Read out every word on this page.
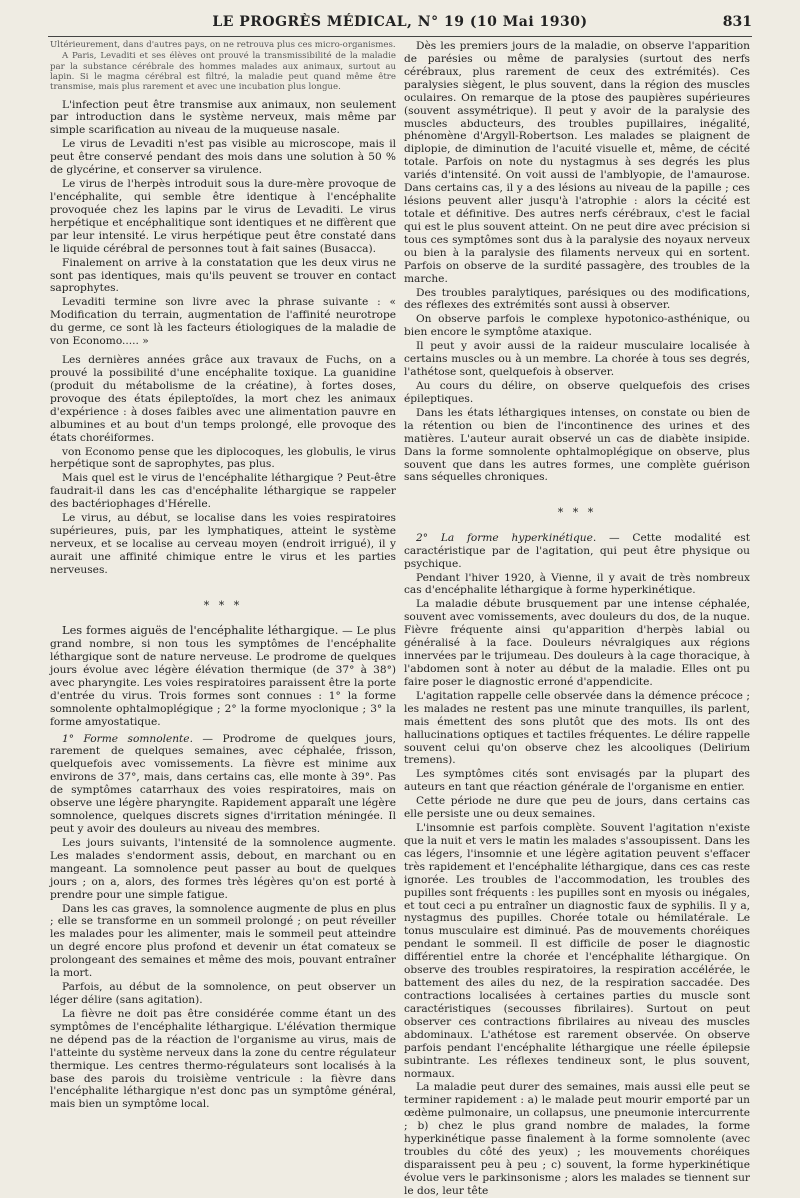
LE PROGRÈS MÉDICAL, N° 19 (10 Mai 1930)	831

Ultérieurement, dans d'autres pays, on ne retrouva plus ces micro-organismes.

A Paris, Levaditi et ses élèves ont prouvé la transmissibilité de la maladie par la substance cérébrale des hommes malades aux animaux, surtout au lapin. Si le magma cérébral est filtré, la maladie peut quand même être transmise, mais plus rarement et avec une incubation plus longue.

L'infection peut être transmise aux animaux, non seulement par introduction dans le système nerveux, mais même par simple scarification au niveau de la muqueuse nasale.

Le virus de Levaditi n'est pas visible au microscope, mais il peut être conservé pendant des mois dans une solution à 50 % de glycérine, et conserver sa virulence.

Le virus de l'herpès introduit sous la dure-mère provoque de l'encéphalite, qui semble être identique à l'encéphalite provoquée chez les lapins par le virus de Levaditi. Le virus herpétique et encéphalitique sont identiques et ne diffèrent que par leur intensité. Le virus herpétique peut être constaté dans le liquide cérébral de personnes tout à fait saines (Busacca).

Finalement on arrive à la constatation que les deux virus ne sont pas identiques, mais qu'ils peuvent se trouver en contact saprophytes.

Levaditi termine son livre avec la phrase suivante : « Modification du terrain, augmentation de l'affinité neurotrope du germe, ce sont là les facteurs étiologiques de la maladie de von Economo..... »

Les dernières années grâce aux travaux de Fuchs, on a prouvé la possibilité d'une encéphalite toxique. La guanidine (produit du métabolisme de la créatine), à fortes doses, provoque des états épileptoïdes, la mort chez les animaux d'expérience : à doses faibles avec une alimentation pauvre en albumines et au bout d'un temps prolongé, elle provoque des états choréiformes.

von Economo pense que les diplocoques, les globulis, le virus herpétique sont de saprophytes, pas plus.

Mais quel est le virus de l'encéphalite léthargique ? Peut-être faudrait-il dans les cas d'encéphalite léthargique se rappeler des bactériophages d'Hérelle.

Le virus, au début, se localise dans les voies respiratoires supérieures, puis, par les lymphatiques, atteint le système nerveux, et se localise au cerveau moyen (endroit irrigué), il y aurait une affinité chimique entre le virus et les parties nerveuses.

* * *

Les formes aiguës de l'encéphalite léthargique. — Le plus grand nombre, si non tous les symptômes de l'encéphalite léthargique sont de nature nerveuse. Le prodrome de quelques jours évolue avec légère élévation thermique (de 37° à 38°) avec pharyngite. Les voies respiratoires paraissent être la porte d'entrée du virus. Trois formes sont connues : 1° la forme somnolente ophtalmoplégique ; 2° la forme myoclonique ; 3° la forme amyostatique.

1° Forme somnolente. — Prodrome de quelques jours, rarement de quelques semaines, avec céphalée, frisson, quelquefois avec vomissements. La fièvre est minime aux environs de 37°, mais, dans certains cas, elle monte à 39°. Pas de symptômes catarrhaux des voies respiratoires, mais on observe une légère pharyngite. Rapidement apparaît une légère somnolence, quelques discrets signes d'irritation méningée. Il peut y avoir des douleurs au niveau des membres.

Les jours suivants, l'intensité de la somnolence augmente. Les malades s'endorment assis, debout, en marchant ou en mangeant. La somnolence peut passer au bout de quelques jours ; on a, alors, des formes très légères qu'on est porté à prendre pour une simple fatigue.

Dans les cas graves, la somnolence augmente de plus en plus ; elle se transforme en un sommeil prolongé ; on peut réveiller les malades pour les alimenter, mais le sommeil peut atteindre un degré encore plus profond et devenir un état comateux se prolongeant des semaines et même des mois, pouvant entraîner la mort.

Parfois, au début de la somnolence, on peut observer un léger délire (sans agitation).

La fièvre ne doit pas être considérée comme étant un des symptômes de l'encéphalite léthargique. L'élévation thermique ne dépend pas de la réaction de l'organisme au virus, mais de l'atteinte du système nerveux dans la zone du centre régulateur thermique. Les centres thermo-régulateurs sont localisés à la base des parois du troisième ventricule : la fièvre dans l'encéphalite léthargique n'est donc pas un symptôme général, mais bien un symptôme local.

Dès les premiers jours de la maladie, on observe l'apparition de parésies ou même de paralysies (surtout des nerfs cérébraux, plus rarement de ceux des extrémités). Ces paralysies siègent, le plus souvent, dans la région des muscles oculaires. On remarque de la ptose des paupières supérieures (souvent assymétrique). Il peut y avoir de la paralysie des muscles abducteurs, des troubles pupillaires, inégalité, phénomène d'Argyll-Robertson. Les malades se plaignent de diplopie, de diminution de l'acuité visuelle et, même, de cécité totale. Parfois on note du nystagmus à ses degrés les plus variés d'intensité. On voit aussi de l'amblyopie, de l'amaurose. Dans certains cas, il y a des lésions au niveau de la papille ; ces lésions peuvent aller jusqu'à l'atrophie : alors la cécité est totale et définitive. Des autres nerfs cérébraux, c'est le facial qui est le plus souvent atteint. On ne peut dire avec précision si tous ces symptômes sont dus à la paralysie des noyaux nerveux ou bien à la paralysie des filaments nerveux qui en sortent. Parfois on observe de la surdité passagère, des troubles de la marche.

Des troubles paralytiques, parésiques ou des modifications, des réflexes des extrémités sont aussi à observer.

On observe parfois le complexe hypotonico-asthénique, ou bien encore le symptôme ataxique.

Il peut y avoir aussi de la raideur musculaire localisée à certains muscles ou à un membre. La chorée à tous ses degrés, l'athétose sont, quelquefois à observer.

Au cours du délire, on observe quelquefois des crises épileptiques.

Dans les états léthargiques intenses, on constate ou bien de la rétention ou bien de l'incontinence des urines et des matières. L'auteur aurait observé un cas de diabète insipide. Dans la forme somnolente ophtalmoplégique on observe, plus souvent que dans les autres formes, une complète guérison sans séquelles chroniques.

* * *

2° La forme hyperkinétique. — Cette modalité est caractéristique par de l'agitation, qui peut être physique ou psychique.

Pendant l'hiver 1920, à Vienne, il y avait de très nombreux cas d'encéphalite léthargique à forme hyperkinétique.

La maladie débute brusquement par une intense céphalée, souvent avec vomissements, avec douleurs du dos, de la nuque. Fièvre fréquente ainsi qu'apparition d'herpès labial ou généralisé à la face. Douleurs névralgiques aux régions innervées par le trijumeau. Des douleurs à la cage thoracique, à l'abdomen sont à noter au début de la maladie. Elles ont pu faire poser le diagnostic erroné d'appendicite.

L'agitation rappelle celle observée dans la démence précoce ; les malades ne restent pas une minute tranquilles, ils parlent, mais émettent des sons plutôt que des mots. Ils ont des hallucinations optiques et tactiles fréquentes. Le délire rappelle souvent celui qu'on observe chez les alcooliques (Delirium tremens).

Les symptômes cités sont envisagés par la plupart des auteurs en tant que réaction générale de l'organisme en entier.

Cette période ne dure que peu de jours, dans certains cas elle persiste une ou deux semaines.

L'insomnie est parfois complète. Souvent l'agitation n'existe que la nuit et vers le matin les malades s'assoupissent. Dans les cas légers, l'insomnie et une légère agitation peuvent s'effacer très rapidement et l'encéphalite léthargique, dans ces cas reste ignorée. Les troubles de l'accommodation, les troubles des pupilles sont fréquents : les pupilles sont en myosis ou inégales, et tout ceci a pu entraîner un diagnostic faux de syphilis. Il y a, nystagmus des pupilles. Chorée totale ou hémilatérale. Le tonus musculaire est diminué. Pas de mouvements choréiques pendant le sommeil. Il est difficile de poser le diagnostic différentiel entre la chorée et l'encéphalite léthargique. On observe des troubles respiratoires, la respiration accélérée, le battement des ailes du nez, de la respiration saccadée. Des contractions localisées à certaines parties du muscle sont caractéristiques (secousses fibrilaires). Surtout on peut observer ces contractions fibrilaires au niveau des muscles abdominaux. L'athétose est rarement observée. On observe parfois pendant l'encéphalite léthargique une réelle épilepsie subintrante. Les réflexes tendineux sont, le plus souvent, normaux.

La maladie peut durer des semaines, mais aussi elle peut se terminer rapidement : a) le malade peut mourir emporté par un œdème pulmonaire, un collapsus, une pneumonie intercurrente ; b) chez le plus grand nombre de malades, la forme hyperkinétique passe finalement à la forme somnolente (avec troubles du côté des yeux) ; les mouvements choréiques disparaissent peu à peu ; c) souvent, la forme hyperkinétique évolue vers le parkinsonisme ; alors les malades se tiennent sur le dos, leur tête
